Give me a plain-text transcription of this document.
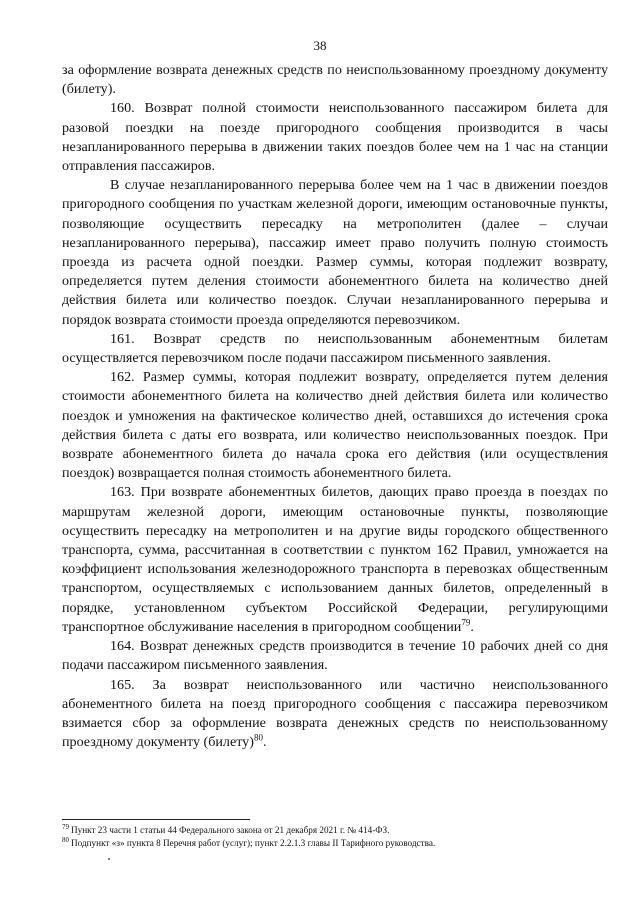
38

за оформление возврата денежных средств по неиспользованному проездному документу (билету).

160. Возврат полной стоимости неиспользованного пассажиром билета для разовой поездки на поезде пригородного сообщения производится в часы незапланированного перерыва в движении таких поездов более чем на 1 час на станции отправления пассажиров.

В случае незапланированного перерыва более чем на 1 час в движении поездов пригородного сообщения по участкам железной дороги, имеющим остановочные пункты, позволяющие осуществить пересадку на метрополитен (далее – случаи незапланированного перерыва), пассажир имеет право получить полную стоимость проезда из расчета одной поездки. Размер суммы, которая подлежит возврату, определяется путем деления стоимости абонементного билета на количество дней действия билета или количество поездок. Случаи незапланированного перерыва и порядок возврата стоимости проезда определяются перевозчиком.

161. Возврат средств по неиспользованным абонементным билетам осуществляется перевозчиком после подачи пассажиром письменного заявления.

162. Размер суммы, которая подлежит возврату, определяется путем деления стоимости абонементного билета на количество дней действия билета или количество поездок и умножения на фактическое количество дней, оставшихся до истечения срока действия билета с даты его возврата, или количество неиспользованных поездок. При возврате абонементного билета до начала срока его действия (или осуществления поездок) возвращается полная стоимость абонементного билета.

163. При возврате абонементных билетов, дающих право проезда в поездах по маршрутам железной дороги, имеющим остановочные пункты, позволяющие осуществить пересадку на метрополитен и на другие виды городского общественного транспорта, сумма, рассчитанная в соответствии с пунктом 162 Правил, умножается на коэффициент использования железнодорожного транспорта в перевозках общественным транспортом, осуществляемых с использованием данных билетов, определенный в порядке, установленном субъектом Российской Федерации, регулирующими транспортное обслуживание населения в пригородном сообщении$^{79}$.

164. Возврат денежных средств производится в течение 10 рабочих дней со дня подачи пассажиром письменного заявления.

165. За возврат неиспользованного или частично неиспользованного абонементного билета на поезд пригородного сообщения с пассажира перевозчиком взимается сбор за оформление возврата денежных средств по неиспользованному проездному документу (билету)$^{80}$.

$^{79}$ Пункт 23 части 1 статьи 44 Федерального закона от 21 декабря 2021 г. № 414-ФЗ.
$^{80}$ Подпункт «з» пункта 8 Перечня работ (услуг); пункт 2.2.1.3 главы II Тарифного руководства.
